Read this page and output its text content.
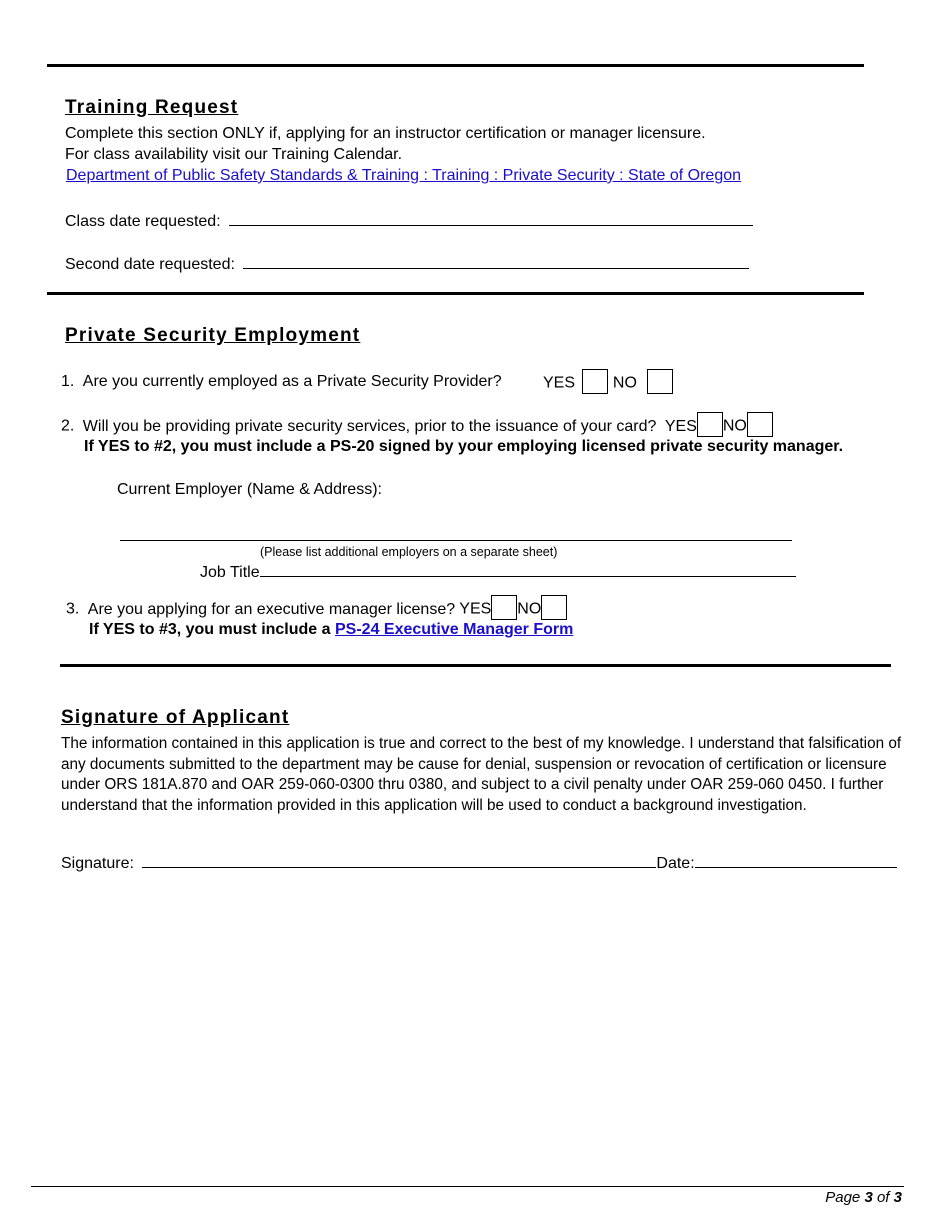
Training Request
Complete this section ONLY if, applying for an instructor certification or manager licensure.
For class availability visit our Training Calendar.
Department of Public Safety Standards & Training : Training : Private Security : State of Oregon
Class date requested:
Second date requested:
Private Security Employment
1. Are you currently employed as a Private Security Provider?	YES NO
2. Will you be providing private security services, prior to the issuance of your card? YES NO
If YES to #2, you must include a PS-20 signed by your employing licensed private security manager.
Current Employer (Name & Address):
(Please list additional employers on a separate sheet)
Job Title
3. Are you applying for an executive manager license? YES NO
If YES to #3, you must include a PS-24 Executive Manager Form
Signature of Applicant
The information contained in this application is true and correct to the best of my knowledge. I understand that falsification of any documents submitted to the department may be cause for denial, suspension or revocation of certification or licensure under ORS 181A.870 and OAR 259-060-0300 thru 0380, and subject to a civil penalty under OAR 259-060 0450. I further understand that the information provided in this application will be used to conduct a background investigation.
Signature:	Date:
Page 3 of 3
